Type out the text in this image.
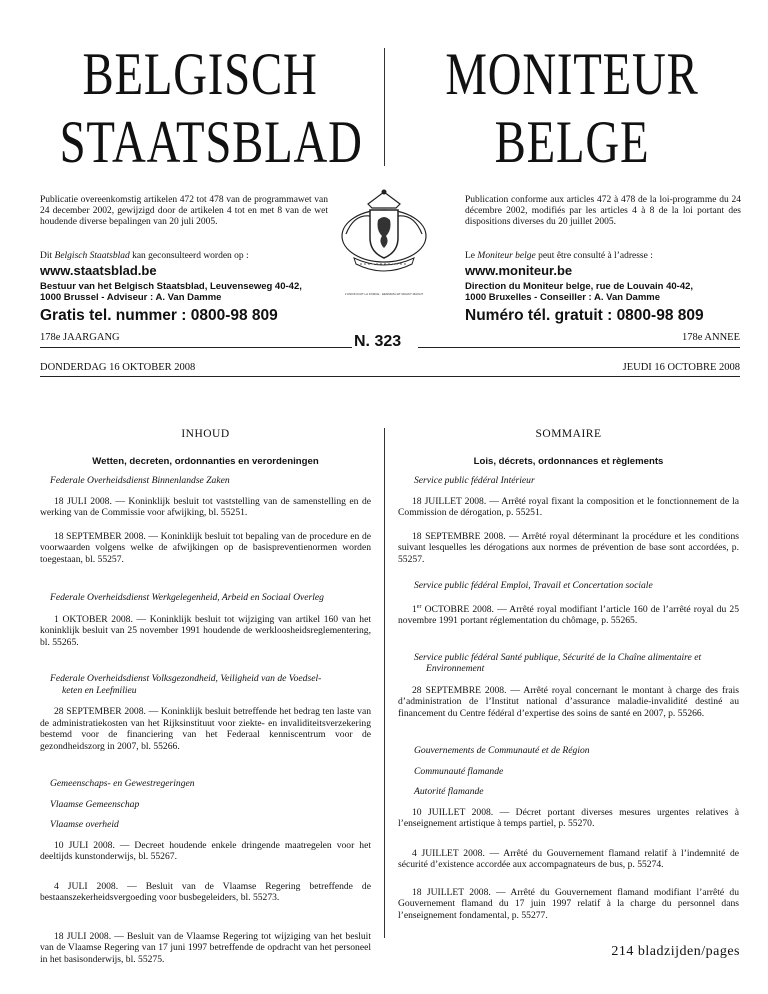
BELGISCH
STAATSBLAD
MONITEUR
BELGE
Publicatie overeenkomstig artikelen 472 tot 478 van de programmawet van 24 december 2002, gewijzigd door de artikelen 4 tot en met 8 van de wet houdende diverse bepalingen van 20 juli 2005.
Dit Belgisch Staatsblad kan geconsulteerd worden op :
www.staatsblad.be
Bestuur van het Belgisch Staatsblad, Leuvenseweg 40-42,
1000 Brussel - Adviseur : A. Van Damme
Gratis tel. nummer : 0800-98 809
178e JAARGANG
DONDERDAG 16 OKTOBER 2008
L’UNION FAIT LA FORCE · EENDRACHT MAAKT MACHT
Publication conforme aux articles 472 à 478 de la loi-programme du 24 décembre 2002, modifiés par les articles 4 à 8 de la loi portant des dispositions diverses du 20 juillet 2005.
Le Moniteur belge peut être consulté à l’adresse :
www.moniteur.be
Direction du Moniteur belge, rue de Louvain 40-42,
1000 Bruxelles - Conseiller : A. Van Damme
Numéro tél. gratuit : 0800-98 809
178e ANNEE
JEUDI 16 OCTOBRE 2008
N. 323
INHOUD
Wetten, decreten, ordonnanties en verordeningen
Federale Overheidsdienst Binnenlandse Zaken

18 JULI 2008. — Koninklijk besluit tot vaststelling van de samenstelling en de werking van de Commissie voor afwijking, bl. 55251.

18 SEPTEMBER 2008. — Koninklijk besluit tot bepaling van de procedure en de voorwaarden volgens welke de afwijkingen op de basispreventienormen worden toegestaan, bl. 55257.

Federale Overheidsdienst Werkgelegenheid, Arbeid en Sociaal Overleg

1 OKTOBER 2008. — Koninklijk besluit tot wijziging van artikel 160 van het koninklijk besluit van 25 november 1991 houdende de werkloosheidsreglementering, bl. 55265.

Federale Overheidsdienst Volksgezondheid, Veiligheid van de Voedsel-
keten en Leefmilieu

28 SEPTEMBER 2008. — Koninklijk besluit betreffende het bedrag ten laste van de administratiekosten van het Rijksinstituut voor ziekte- en invaliditeitsverzekering bestemd voor de financiering van het Federaal kenniscentrum voor de gezondheidszorg in 2007, bl. 55266.

Gemeenschaps- en Gewestregeringen
Vlaamse Gemeenschap
Vlaamse overheid

10 JULI 2008. — Decreet houdende enkele dringende maatregelen voor het deeltijds kunstonderwijs, bl. 55267.

4 JULI 2008. — Besluit van de Vlaamse Regering betreffende de bestaanszekerheidsvergoeding voor busbegeleiders, bl. 55273.

18 JULI 2008. — Besluit van de Vlaamse Regering tot wijziging van het besluit van de Vlaamse Regering van 17 juni 1997 betreffende de opdracht van het personeel in het basisonderwijs, bl. 55275.

SOMMAIRE
Lois, décrets, ordonnances et règlements
Service public fédéral Intérieur

18 JUILLET 2008. — Arrêté royal fixant la composition et le fonctionnement de la Commission de dérogation, p. 55251.

18 SEPTEMBRE 2008. — Arrêté royal déterminant la procédure et les conditions suivant lesquelles les dérogations aux normes de prévention de base sont accordées, p. 55257.

Service public fédéral Emploi, Travail et Concertation sociale

1er OCTOBRE 2008. — Arrêté royal modifiant l’article 160 de l’arrêté royal du 25 novembre 1991 portant réglementation du chômage, p. 55265.

Service public fédéral Santé publique, Sécurité de la Chaîne alimentaire et
Environnement

28 SEPTEMBRE 2008. — Arrêté royal concernant le montant à charge des frais d’administration de l’Institut national d’assurance maladie-invalidité destiné au financement du Centre fédéral d’expertise des soins de santé en 2007, p. 55266.

Gouvernements de Communauté et de Région
Communauté flamande
Autorité flamande

10 JUILLET 2008. — Décret portant diverses mesures urgentes relatives à l’enseignement artistique à temps partiel, p. 55270.

4 JUILLET 2008. — Arrêté du Gouvernement flamand relatif à l’indemnité de sécurité d’existence accordée aux accompagnateurs de bus, p. 55274.

18 JUILLET 2008. — Arrêté du Gouvernement flamand modifiant l’arrêté du Gouvernement flamand du 17 juin 1997 relatif à la charge du personnel dans l’enseignement fondamental, p. 55277.

214 bladzijden/pages
